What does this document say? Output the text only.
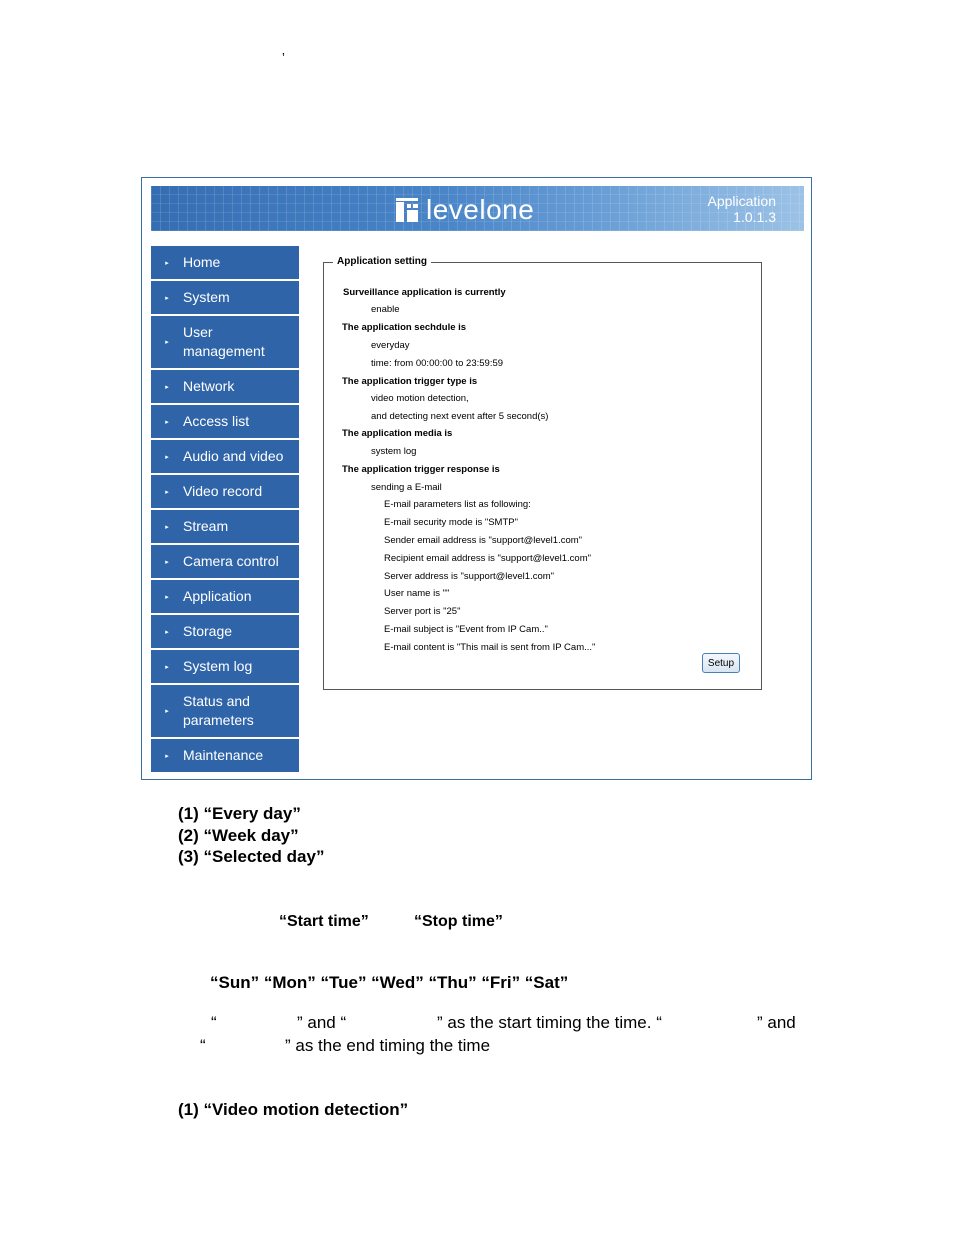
’
levelone	Application
1.0.1.3
▸	Home
▸	System
▸
User management
▸	Network
▸	Access list
▸	Audio and video
▸	Video record
▸	Stream
▸	Camera control
▸	Application
▸	Storage
▸	System log
▸
Status and parameters
▸	Maintenance
Application setting
Surveillance application is currently
enable
The application sechdule is
everyday
time: from 00:00:00 to 23:59:59
The application trigger type is
video motion detection,
and detecting next event after 5 second(s)
The application media is
system log
The application trigger response is
sending a E-mail
E-mail parameters list as following:
E-mail security mode is "SMTP"
Sender email address is "support@level1.com"
Recipient email address is "support@level1.com"
Server address is "support@level1.com"
User name is ""
Server port is "25"
E-mail subject is "Event from IP Cam.."
E-mail content is "This mail is sent from IP Cam..."
Setup
(1) “Every day”
(2) “Week day”
(3) “Selected day”
“Start time”	“Stop time”
“Sun” “Mon” “Tue” “Wed” “Thu” “Fri” “Sat”
“	” and “	” as the start timing the time. “	” and
“	” as the end timing the time
(1) “Video motion detection”
